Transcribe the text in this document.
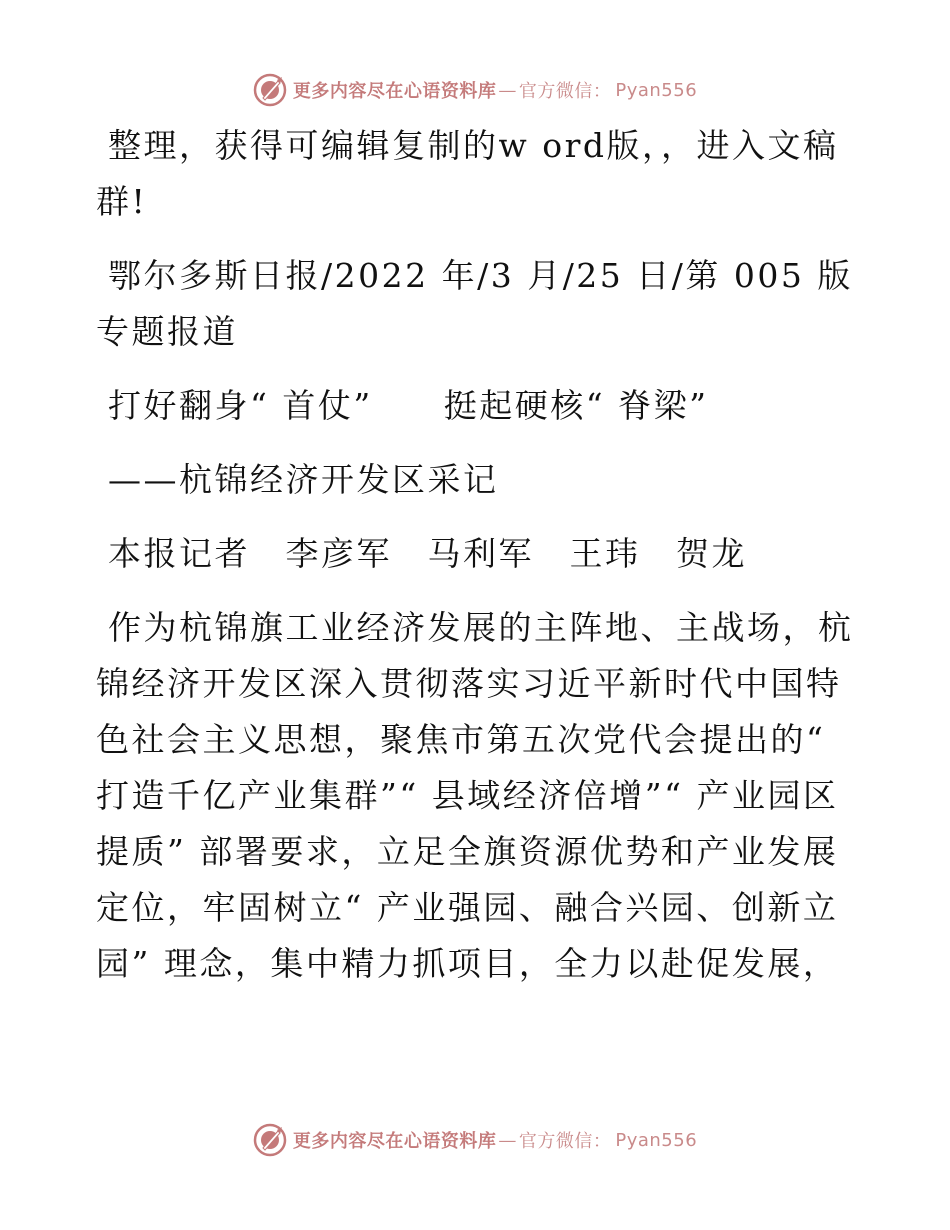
更多内容尽在心语资料库 — 官方微信： Pyan556

整理，获得可编辑复制的w ord版，，进入文稿群!

鄂尔多斯日报/2022 年/3 月/25 日/第 005 版专题报道

打好翻身“ 首仗”　　挺起硬核“ 脊梁”

——杭锦经济开发区采记

本报记者　李彦军　马利军　王玮　贺龙

作为杭锦旗工业经济发展的主阵地、主战场，杭锦经济开发区深入贯彻落实习近平新时代中国特色社会主义思想，聚焦市第五次党代会提出的“ 打造千亿产业集群”“ 县域经济倍增”“ 产业园区提质” 部署要求，立足全旗资源优势和产业发展定位，牢固树立“ 产业强园、融合兴园、创新立园” 理念，集中精力抓项目，全力以赴促发展，

更多内容尽在心语资料库 — 官方微信： Pyan556
